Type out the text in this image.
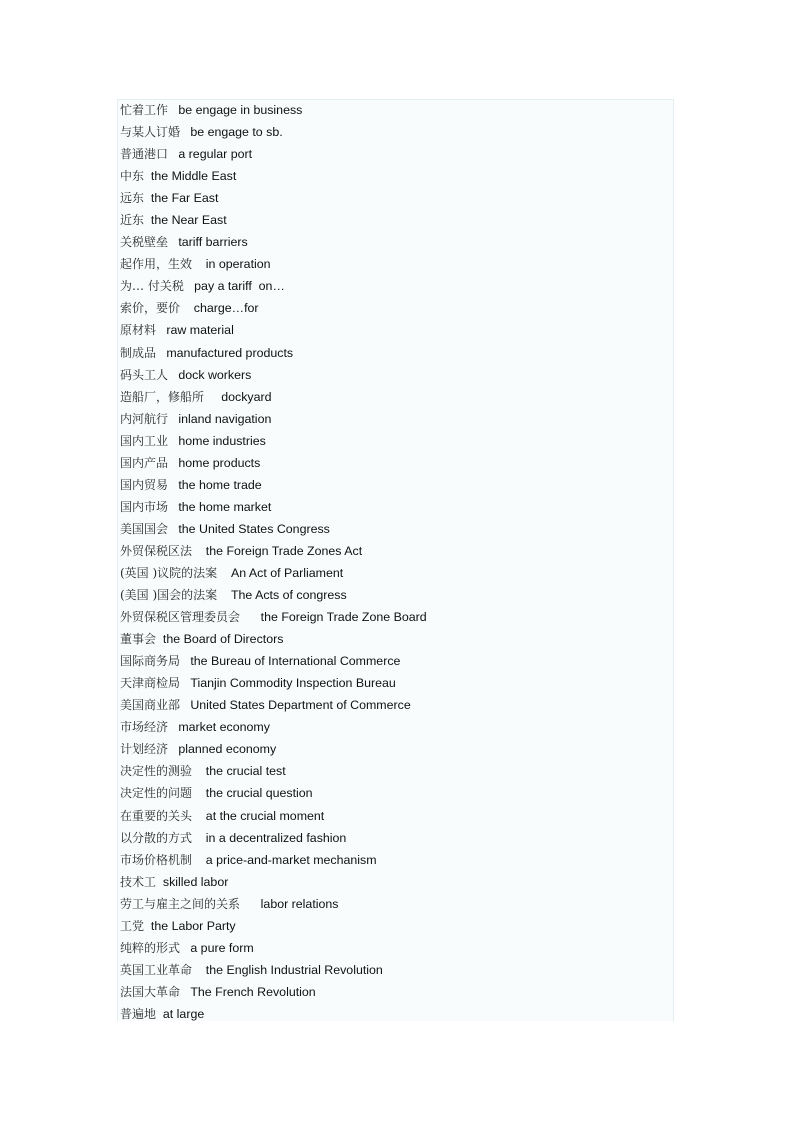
忙着工作 be engage in business
与某人订婚 be engage to sb.
普通港口 a regular port
中东 the Middle East
远东 the Far East
近东 the Near East
关税壁垒 tariff barriers
起作用，生效 in operation
为… 付关税 pay a tariff  on…
索价，要价 charge…for
原材料 raw material
制成品 manufactured products
码头工人 dock workers
造船厂，修船所 dockyard
内河航行 inland navigation
国内工业 home industries
国内产品 home products
国内贸易 the home trade
国内市场 the home market
美国国会 the United States Congress
外贸保税区法 the Foreign Trade Zones Act
(英国 )议院的法案 An Act of Parliament
(美国 )国会的法案 The Acts of congress
外贸保税区管理委员会 the Foreign Trade Zone Board
董事会 the Board of Directors
国际商务局 the Bureau of International Commerce
天津商检局 Tianjin Commodity Inspection Bureau
美国商业部 United States Department of Commerce
市场经济 market economy
计划经济 planned economy
决定性的测验 the crucial test
决定性的问题 the crucial question
在重要的关头 at the crucial moment
以分散的方式 in a decentralized fashion
市场价格机制 a price-and-market mechanism
技术工 skilled labor
劳工与雇主之间的关系 labor relations
工党 the Labor Party
纯粹的形式 a pure form
英国工业革命 the English Industrial Revolution
法国大革命 The French Revolution
普遍地 at large
